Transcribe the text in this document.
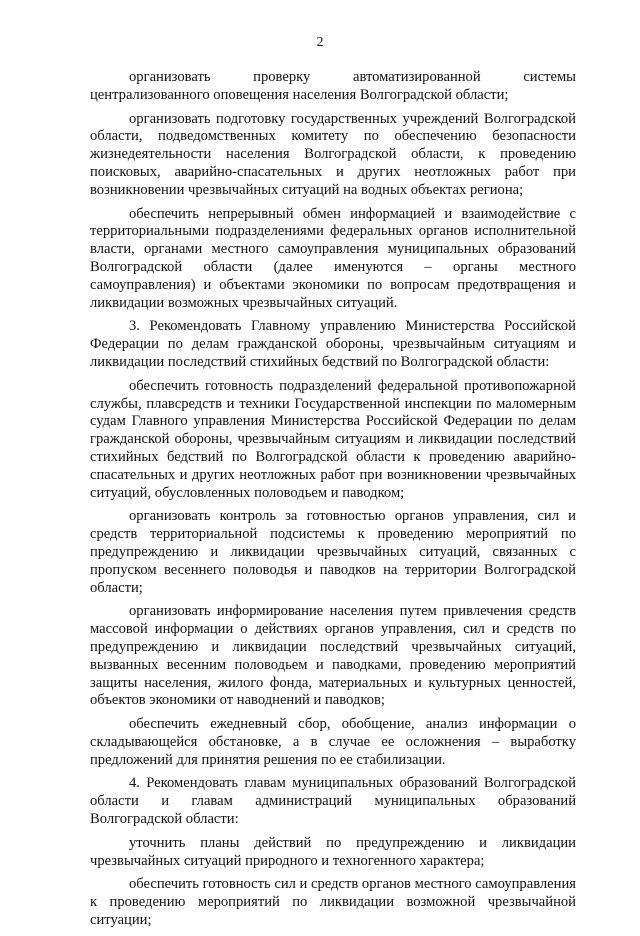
2

организовать проверку автоматизированной системы централизованного оповещения населения Волгоградской области;

организовать подготовку государственных учреждений Волгоградской области, подведомственных комитету по обеспечению безопасности жизнедеятельности населения Волгоградской области, к проведению поисковых, аварийно-спасательных и других неотложных работ при возникновении чрезвычайных ситуаций на водных объектах региона;

обеспечить непрерывный обмен информацией и взаимодействие с территориальными подразделениями федеральных органов исполнительной власти, органами местного самоуправления муниципальных образований Волгоградской области (далее именуются – органы местного самоуправления) и объектами экономики по вопросам предотвращения и ликвидации возможных чрезвычайных ситуаций.

3. Рекомендовать Главному управлению Министерства Российской Федерации по делам гражданской обороны, чрезвычайным ситуациям и ликвидации последствий стихийных бедствий по Волгоградской области:

обеспечить готовность подразделений федеральной противопожарной службы, плавсредств и техники Государственной инспекции по маломерным судам Главного управления Министерства Российской Федерации по делам гражданской обороны, чрезвычайным ситуациям и ликвидации последствий стихийных бедствий по Волгоградской области к проведению аварийно-спасательных и других неотложных работ при возникновении чрезвычайных ситуаций, обусловленных половодьем и паводком;

организовать контроль за готовностью органов управления, сил и средств территориальной подсистемы к проведению мероприятий по предупреждению и ликвидации чрезвычайных ситуаций, связанных с пропуском весеннего половодья и паводков на территории Волгоградской области;

организовать информирование населения путем привлечения средств массовой информации о действиях органов управления, сил и средств по предупреждению и ликвидации последствий чрезвычайных ситуаций, вызванных весенним половодьем и паводками, проведению мероприятий защиты населения, жилого фонда, материальных и культурных ценностей, объектов экономики от наводнений и паводков;

обеспечить ежедневный сбор, обобщение, анализ информации о складывающейся обстановке, а в случае ее осложнения – выработку предложений для принятия решения по ее стабилизации.

4. Рекомендовать главам муниципальных образований Волгоградской области и главам администраций муниципальных образований Волгоградской области:

уточнить планы действий по предупреждению и ликвидации чрезвычайных ситуаций природного и техногенного характера;

обеспечить готовность сил и средств органов местного самоуправления к проведению мероприятий по ликвидации возможной чрезвычайной ситуации;
